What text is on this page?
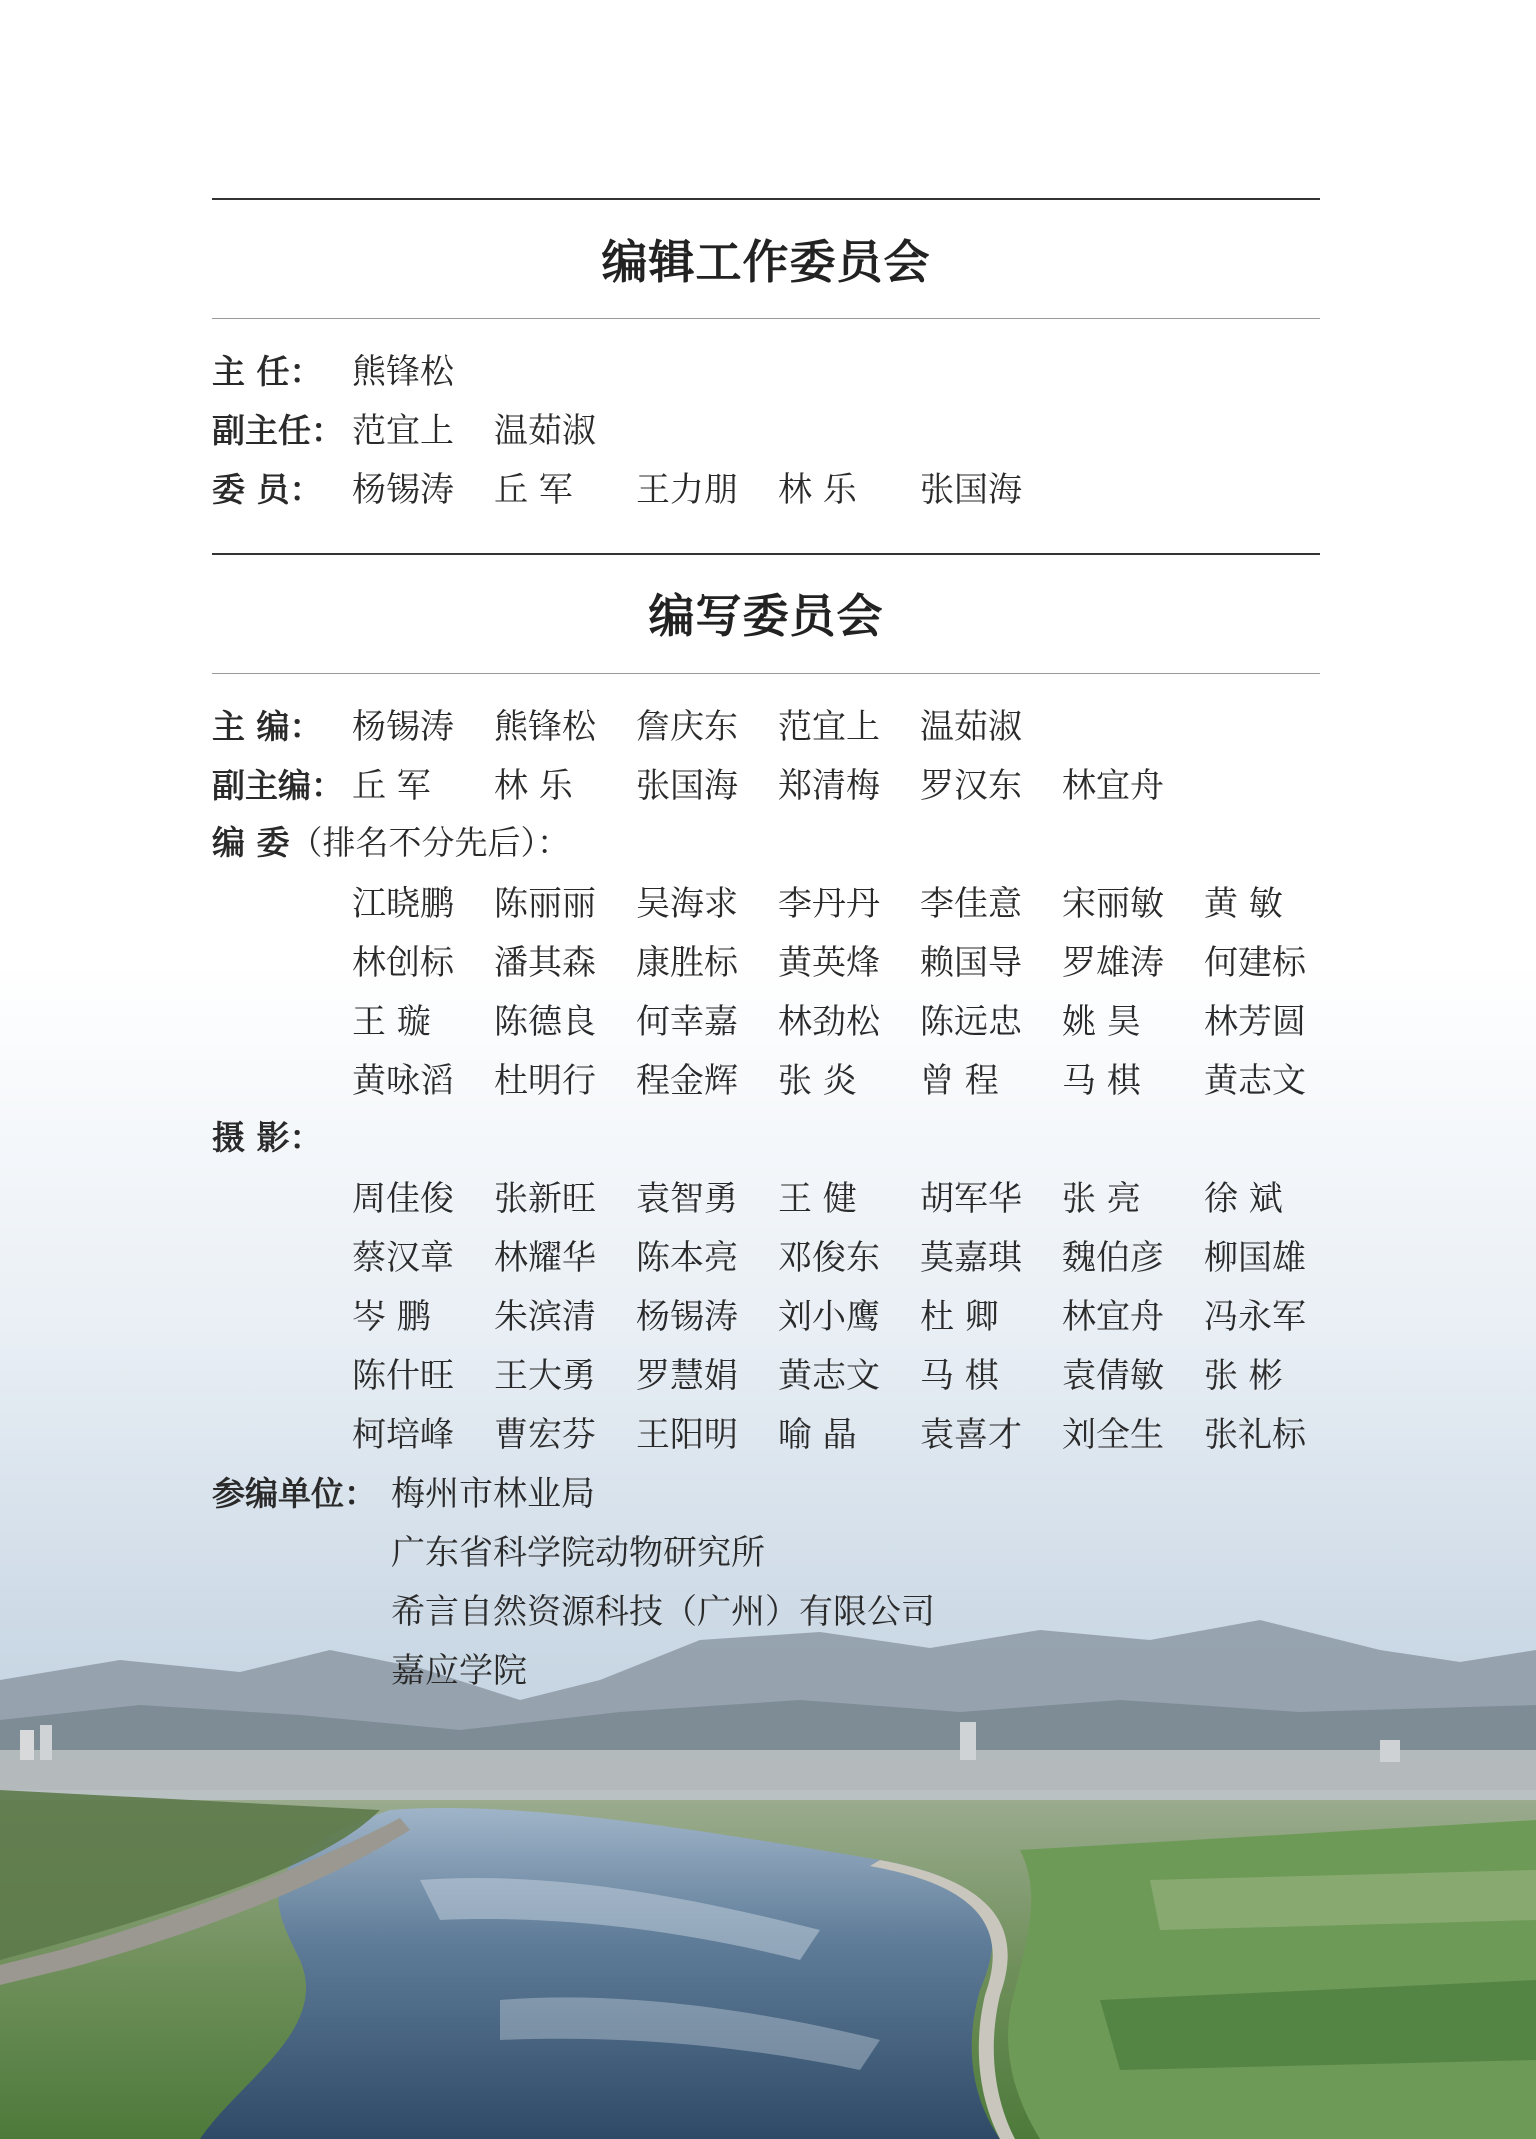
编辑工作委员会
主 任： 熊锋松
副主任： 范宜上	温茹淑
委 员： 杨锡涛	丘 军	王力朋	林 乐	张国海
编写委员会
主 编： 杨锡涛	熊锋松	詹庆东	范宜上	温茹淑
副主编： 丘 军	林 乐	张国海	郑清梅	罗汉东	林宜舟
编 委 （排名不分先后）：
江晓鹏	陈丽丽	吴海求	李丹丹	李佳意	宋丽敏	黄 敏
林创标	潘其森	康胜标	黄英烽	赖国导	罗雄涛	何建标
王 璇	陈德良	何幸嘉	林劲松	陈远忠	姚 昊	林芳圆
黄咏滔	杜明行	程金辉	张 炎	曾 程	马 棋	黄志文
摄 影：
周佳俊	张新旺	袁智勇	王 健	胡军华	张 亮	徐 斌
蔡汉章	林耀华	陈本亮	邓俊东	莫嘉琪	魏伯彦	柳国雄
岑 鹏	朱滨清	杨锡涛	刘小鹰	杜 卿	林宜舟	冯永军
陈什旺	王大勇	罗慧娟	黄志文	马 棋	袁倩敏	张 彬
柯培峰	曹宏芬	王阳明	喻 晶	袁喜才	刘全生	张礼标
参编单位： 梅州市林业局
广东省科学院动物研究所
希言自然资源科技（广州）有限公司
嘉应学院
